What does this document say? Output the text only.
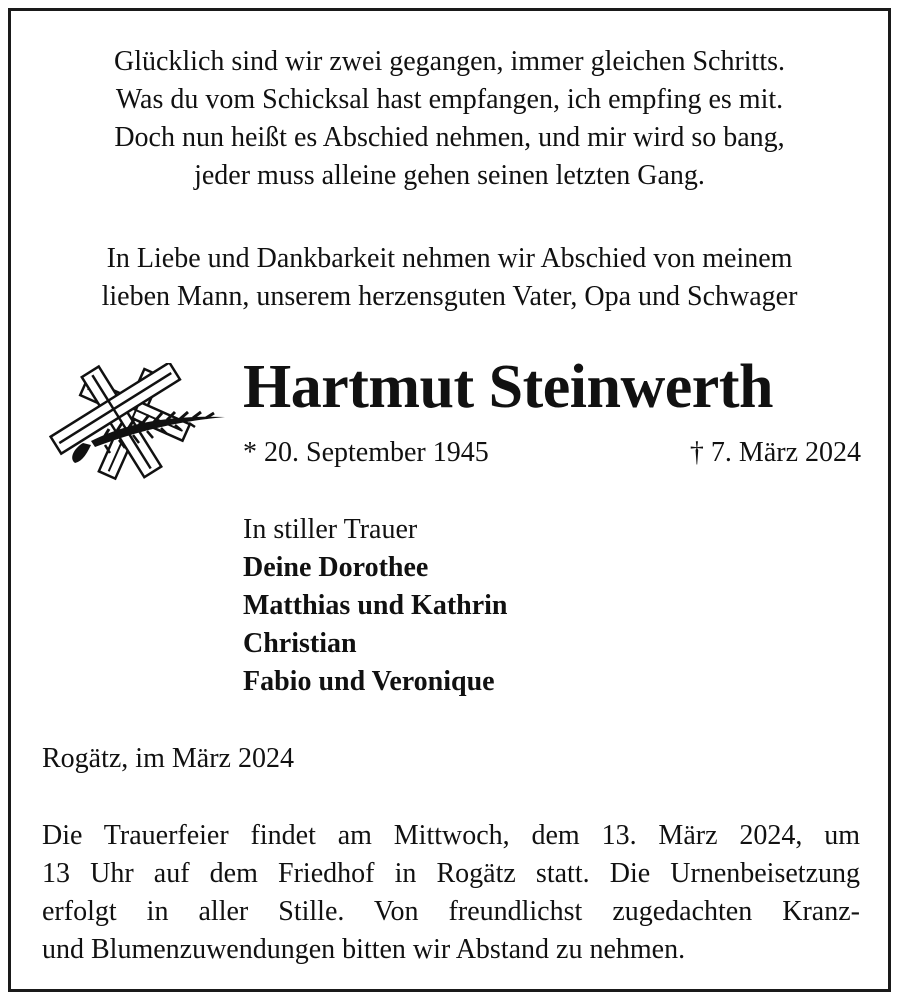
Glücklich sind wir zwei gegangen, immer gleichen Schritts.
Was du vom Schicksal hast empfangen, ich empfing es mit.
Doch nun heißt es Abschied nehmen, und mir wird so bang,
jeder muss alleine gehen seinen letzten Gang.
In Liebe und Dankbarkeit nehmen wir Abschied von meinem
lieben Mann, unserem herzensguten Vater, Opa und Schwager
Hartmut Steinwerth
* 20. September 1945	† 7. März 2024
In stiller Trauer
Deine Dorothee
Matthias und Kathrin
Christian
Fabio und Veronique
Rogätz, im März 2024
Die Trauerfeier findet am Mittwoch, dem 13. März 2024, um
13 Uhr auf dem Friedhof in Rogätz statt. Die Urnenbeisetzung
erfolgt in aller Stille. Von freundlichst zugedachten Kranz-
und Blumenzuwendungen bitten wir Abstand zu nehmen.
